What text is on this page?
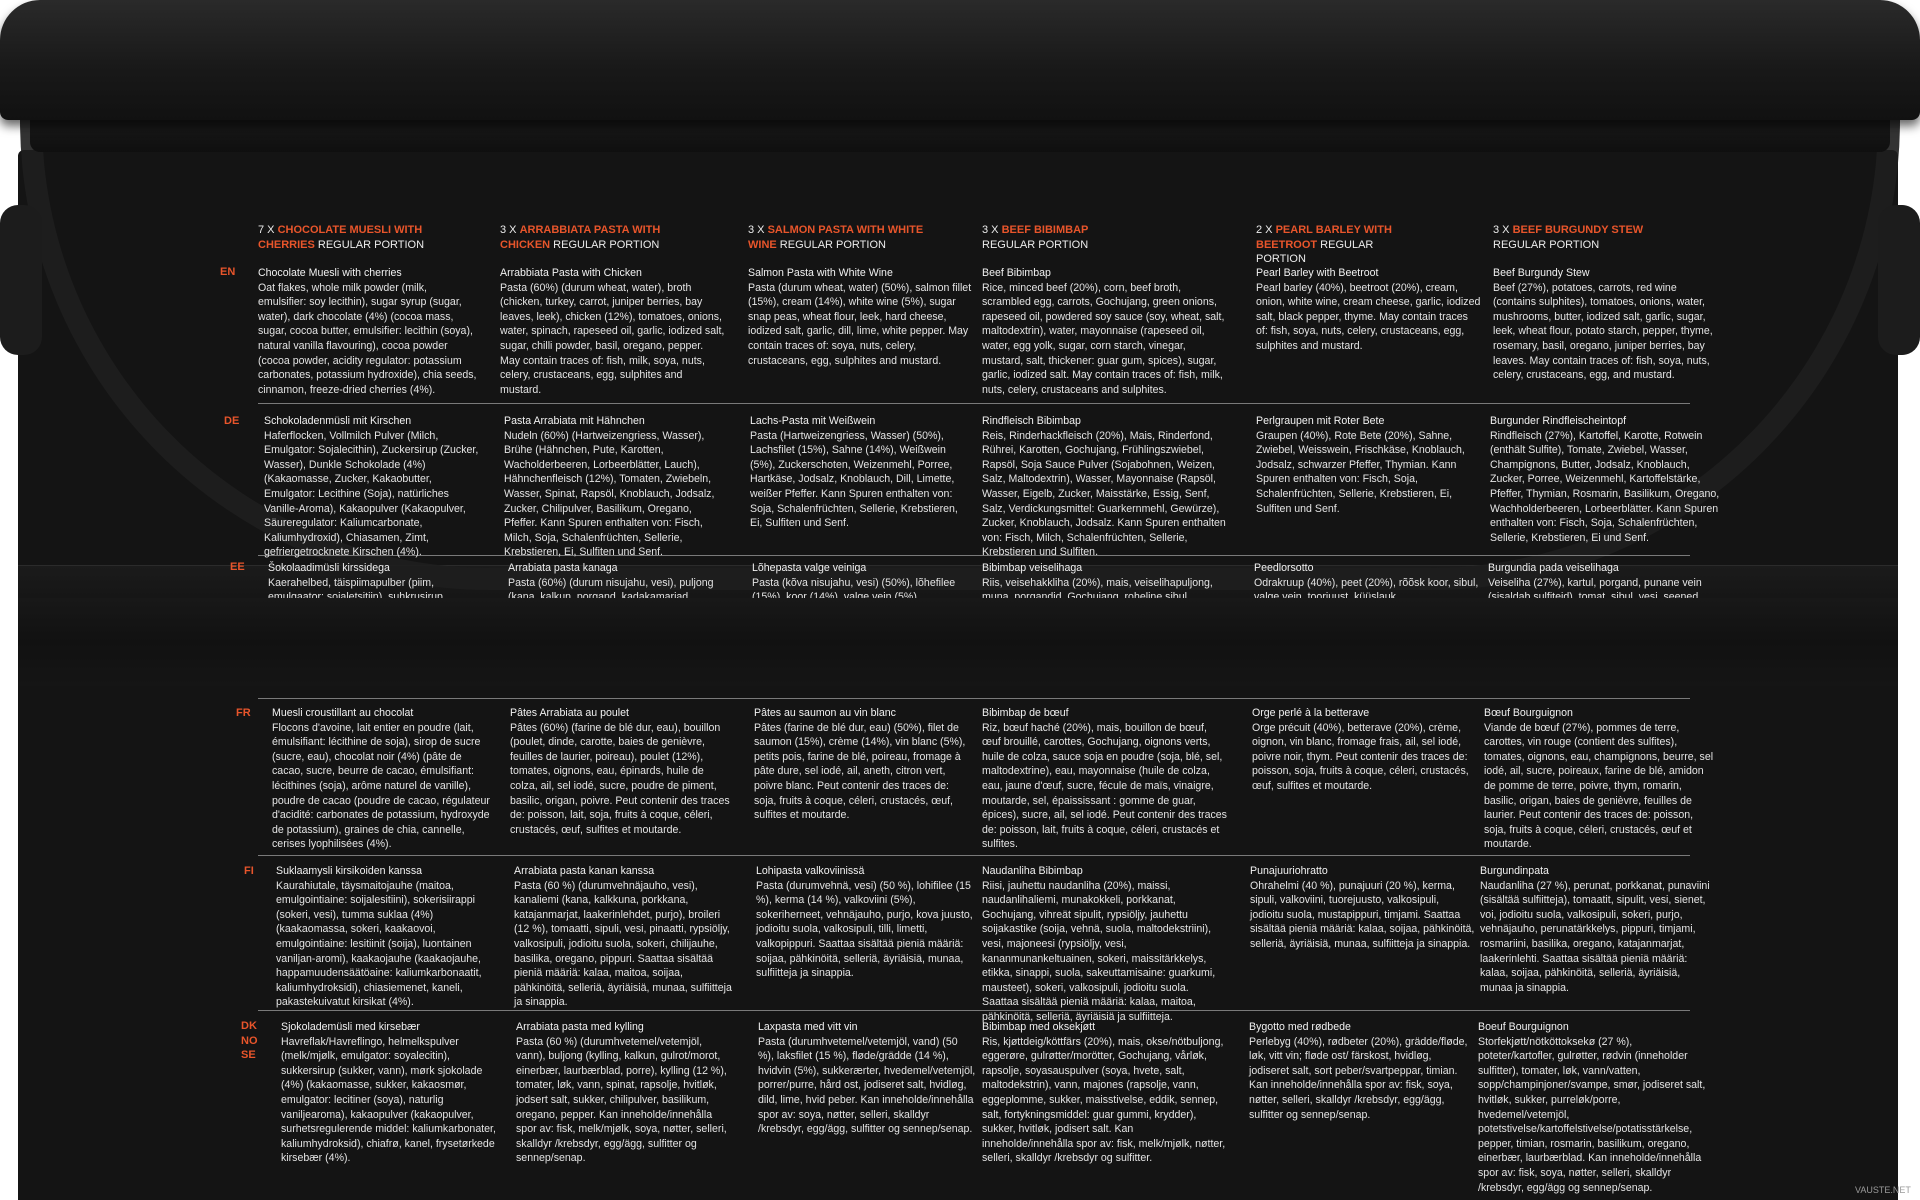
7 X CHOCOLATE MUESLI WITH CHERRIES REGULAR PORTION
3 X ARRABBIATA PASTA WITH CHICKEN REGULAR PORTION
3 X SALMON PASTA WITH WHITE WINE REGULAR PORTION
3 X BEEF BIBIMBAP
REGULAR PORTION
2 X PEARL BARLEY WITH BEETROOT REGULAR PORTION
3 X BEEF BURGUNDY STEW
REGULAR PORTION
EN
DE
EE
FR
FI
DK
NO
SE
Chocolate Muesli with cherries
Oat flakes, whole milk powder (milk, emulsifier: soy lecithin), sugar syrup (sugar, water), dark chocolate (4%) (cocoa mass, sugar, cocoa butter, emulsifier: lecithin (soya), natural vanilla flavouring), cocoa powder (cocoa powder, acidity regulator: potassium carbonates, potassium hydroxide), chia seeds, cinnamon, freeze-dried cherries (4%).
Arrabbiata Pasta with Chicken
Pasta (60%) (durum wheat, water), broth (chicken, turkey, carrot, juniper berries, bay leaves, leek), chicken (12%), tomatoes, onions, water, spinach, rapeseed oil, garlic, iodized salt, sugar, chilli powder, basil, oregano, pepper. May contain traces of: fish, milk, soya, nuts, celery, crustaceans, egg, sulphites and mustard.
Salmon Pasta with White Wine
Pasta (durum wheat, water) (50%), salmon fillet (15%), cream (14%), white wine (5%), sugar snap peas, wheat flour, leek, hard cheese, iodized salt, garlic, dill, lime, white pepper. May contain traces of: soya, nuts, celery, crustaceans, egg, sulphites and mustard.
Beef Bibimbap
Rice, minced beef (20%), corn, beef broth, scrambled egg, carrots, Gochujang, green onions, rapeseed oil, powdered soy sauce (soy, wheat, salt, maltodextrin), water, mayonnaise (rapeseed oil, water, egg yolk, sugar, corn starch, vinegar, mustard, salt, thickener: guar gum, spices), sugar, garlic, iodized salt. May contain traces of: fish, milk, nuts, celery, crustaceans and sulphites.
Pearl Barley with Beetroot
Pearl barley (40%), beetroot (20%), cream, onion, white wine, cream cheese, garlic, iodized salt, black pepper, thyme. May contain traces of: fish, soya, nuts, celery, crustaceans, egg, sulphites and mustard.
Beef Burgundy Stew
Beef (27%), potatoes, carrots, red wine (contains sulphites), tomatoes, onions, water, mushrooms, butter, iodized salt, garlic, sugar, leek, wheat flour, potato starch, pepper, thyme, rosemary, basil, oregano, juniper berries, bay leaves. May contain traces of: fish, soya, nuts, celery, crustaceans, egg, and mustard.
Schokoladenmüsli mit Kirschen
Haferflocken, Vollmilch Pulver (Milch, Emulgator: Sojalecithin), Zuckersirup (Zucker, Wasser), Dunkle Schokolade (4%) (Kakaomasse, Zucker, Kakaobutter, Emulgator: Lecithine (Soja), natürliches Vanille-Aroma), Kakaopulver (Kakaopulver, Säureregulator: Kaliumcarbonate, Kaliumhydroxid), Chiasamen, Zimt, gefriergetrocknete Kirschen (4%).
Pasta Arrabiata mit Hähnchen
Nudeln (60%) (Hartweizengriess, Wasser), Brühe (Hähnchen, Pute, Karotten, Wacholderbeeren, Lorbeerblätter, Lauch), Hähnchenfleisch (12%), Tomaten, Zwiebeln, Wasser, Spinat, Rapsöl, Knoblauch, Jodsalz, Zucker, Chilipulver, Basilikum, Oregano, Pfeffer. Kann Spuren enthalten von: Fisch, Milch, Soja, Schalenfrüchten, Sellerie, Krebstieren, Ei, Sulfiten und Senf.
Lachs-Pasta mit Weißwein
Pasta (Hartweizengriess, Wasser) (50%), Lachsfilet (15%), Sahne (14%), Weißwein (5%), Zuckerschoten, Weizenmehl, Porree, Hartkäse, Jodsalz, Knoblauch, Dill, Limette, weißer Pfeffer. Kann Spuren enthalten von: Soja, Schalenfrüchten, Sellerie, Krebstieren, Ei, Sulfiten und Senf.
Rindfleisch Bibimbap
Reis, Rinderhackfleisch (20%), Mais, Rinderfond, Rührei, Karotten, Gochujang, Frühlingszwiebel, Rapsöl, Soja Sauce Pulver (Sojabohnen, Weizen, Salz, Maltodextrin), Wasser, Mayonnaise (Rapsöl, Wasser, Eigelb, Zucker, Maisstärke, Essig, Senf, Salz, Verdickungsmittel: Guarkernmehl, Gewürze), Zucker, Knoblauch, Jodsalz. Kann Spuren enthalten von: Fisch, Milch, Schalenfrüchten, Sellerie, Krebstieren und Sulfiten.
Perlgraupen mit Roter Bete
Graupen (40%), Rote Bete (20%), Sahne, Zwiebel, Weisswein, Frischkäse, Knoblauch, Jodsalz, schwarzer Pfeffer, Thymian. Kann Spuren enthalten von: Fisch, Soja, Schalenfrüchten, Sellerie, Krebstieren, Ei, Sulfiten und Senf.
Burgunder Rindfleischeintopf
Rindfleisch (27%), Kartoffel, Karotte, Rotwein (enthält Sulfite), Tomate, Zwiebel, Wasser, Champignons, Butter, Jodsalz, Knoblauch, Zucker, Porree, Weizenmehl, Kartoffelstärke, Pfeffer, Thymian, Rosmarin, Basilikum, Oregano, Wachholderbeeren, Lorbeerblätter. Kann Spuren enthalten von: Fisch, Soja, Schalenfrüchten, Sellerie, Krebstieren, Ei und Senf.
Šokolaadimüsli kirssidega
Kaerahelbed, täispiimapulber (piim,
Arrabiata pasta kanaga
Pasta (60%) (durum nisujahu, vesi), puljong
Lõhepasta valge veiniga
Pasta (kõva nisujahu, vesi) (50%), lõhefilee
Bibimbap veiselihaga
Riis, veisehakkliha (20%), mais, veiselihapuljong,
Peedlorsotto
Odrakruup (40%), peet (20%), rõõsk koor, sibul,
Burgundia pada veiselihaga
Veiseliha (27%), kartul, porgand, punane vein
Muesli croustillant au chocolat
Flocons d'avoine, lait entier en poudre (lait, émulsifiant: lécithine de soja), sirop de sucre (sucre, eau), chocolat noir (4%) (pâte de cacao, sucre, beurre de cacao, émulsifiant: lécithines (soja), arôme naturel de vanille), poudre de cacao (poudre de cacao, régulateur d'acidité: carbonates de potassium, hydroxyde de potassium), graines de chia, cannelle, cerises lyophilisées (4%).
Pâtes Arrabiata au poulet
Pâtes (60%) (farine de blé dur, eau), bouillon (poulet, dinde, carotte, baies de genièvre, feuilles de laurier, poireau), poulet (12%), tomates, oignons, eau, épinards, huile de colza, ail, sel iodé, sucre, poudre de piment, basilic, origan, poivre. Peut contenir des traces de: poisson, lait, soja, fruits à coque, céleri, crustacés, œuf, sulfites et moutarde.
Pâtes au saumon au vin blanc
Pâtes (farine de blé dur, eau) (50%), filet de saumon (15%), crème (14%), vin blanc (5%), petits pois, farine de blé, poireau, fromage à pâte dure, sel iodé, ail, aneth, citron vert, poivre blanc. Peut contenir des traces de: soja, fruits à coque, céleri, crustacés, œuf, sulfites et moutarde.
Bibimbap de bœuf
Riz, bœuf haché (20%), mais, bouillon de bœuf, œuf brouillé, carottes, Gochujang, oignons verts, huile de colza, sauce soja en poudre (soja, blé, sel, maltodextrine), eau, mayonnaise (huile de colza, eau, jaune d'œuf, sucre, fécule de maïs, vinaigre, moutarde, sel, épaississant : gomme de guar, épices), sucre, ail, sel iodé. Peut contenir des traces de: poisson, lait, fruits à coque, céleri, crustacés et sulfites.
Orge perlé à la betterave
Orge précuit (40%), betterave (20%), crème, oignon, vin blanc, fromage frais, ail, sel iodé, poivre noir, thym. Peut contenir des traces de: poisson, soja, fruits à coque, céleri, crustacés, œuf, sulfites et moutarde.
Bœuf Bourguignon
Viande de bœuf (27%), pommes de terre, carottes, vin rouge (contient des sulfites), tomates, oignons, eau, champignons, beurre, sel iodé, ail, sucre, poireaux, farine de blé, amidon de pomme de terre, poivre, thym, romarin, basilic, origan, baies de genièvre, feuilles de laurier. Peut contenir des traces de: poisson, soja, fruits à coque, céleri, crustacés, œuf et moutarde.
Suklaamysli kirsikoiden kanssa
Kaurahiutale, täysmaitojauhe (maitoa, emulgointiaine: soijalesitiini), sokerisiirappi (sokeri, vesi), tumma suklaa (4%) (kaakaomassa, sokeri, kaakaovoi, emulgointiaine: lesitiinit (soija), luontainen vaniljan-aromi), kaakaojauhe (kaakaojauhe, happamuudensäätöaine: kaliumkarbonaatit, kaliumhydroksidi), chiasiemenet, kaneli, pakastekuivatut kirsikat (4%).
Arrabiata pasta kanan kanssa
Pasta (60 %) (durumvehnäjauho, vesi), kanaliemi (kana, kalkkuna, porkkana, katajanmarjat, laakerinlehdet, purjo), broileri (12 %), tomaatti, sipuli, vesi, pinaatti, rypsiöljy, valkosipuli, jodioitu suola, sokeri, chilijauhe, basilika, oregano, pippuri. Saattaa sisältää pieniä määriä: kalaa, maitoa, soijaa, pähkinöitä, selleriä, äyriäisiä, munaa, sulfiitteja ja sinappia.
Lohipasta valkoviinissä
Pasta (durumvehnä, vesi) (50 %), lohifilee (15 %), kerma (14 %), valkoviini (5%), sokeriherneet, vehnäjauho, purjo, kova juusto, jodioitu suola, valkosipuli, tilli, limetti, valkopippuri. Saattaa sisältää pieniä määriä: soijaa, pähkinöitä, selleriä, äyriäisiä, munaa, sulfiitteja ja sinappia.
Naudanliha Bibimbap
Riisi, jauhettu naudanliha (20%), maissi, naudanlihaliemi, munakokkeli, porkkanat, Gochujang, vihreät sipulit, rypsiöljy, jauhettu soijakastike (soija, vehnä, suola, maltodekstriini), vesi, majoneesi (rypsiöljy, vesi, kananmunankeltuainen, sokeri, maissitärkkelys, etikka, sinappi, suola, sakeuttamisaine: guarkumi, mausteet), sokeri, valkosipuli, jodioitu suola. Saattaa sisältää pieniä määriä: kalaa, maitoa, pähkinöitä, selleriä, äyriäisiä ja sulfiitteja.
Punajuuriohratto
Ohrahelmi (40 %), punajuuri (20 %), kerma, sipuli, valkoviini, tuorejuusto, valkosipuli, jodioitu suola, mustapippuri, timjami. Saattaa sisältää pieniä määriä: kalaa, soijaa, pähkinöitä, selleriä, äyriäisiä, munaa, sulfiitteja ja sinappia.
Burgundinpata
Naudanliha (27 %), perunat, porkkanat, punaviini (sisältää sulfiitteja), tomaatit, sipulit, vesi, sienet, voi, jodioitu suola, valkosipuli, sokeri, purjo, vehnäjauho, perunatärkkelys, pippuri, timjami, rosmariini, basilika, oregano, katajanmarjat, laakerinlehti. Saattaa sisältää pieniä määriä: kalaa, soijaa, pähkinöitä, selleriä, äyriäisiä, munaa ja sinappia.
Sjokolademüsli med kirsebær
Havreflak/Havreflingo, helmelkspulver (melk/mjølk, emulgator: soyalecitin), sukkersirup (sukker, vann), mørk sjokolade (4%) (kakaomasse, sukker, kakaosmør, emulgator: lecitiner (soya), naturlig vaniljearoma), kakaopulver (kakaopulver, surhetsregulerende middel: kaliumkarbonater, kaliumhydroksid), chiafrø, kanel, frysetørkede kirsebær (4%).
Arrabiata pasta med kylling
Pasta (60 %) (durumhvetemel/vetemjöl, vann), buljong (kylling, kalkun, gulrot/morot, einerbær, laurbærblad, porre), kylling (12 %), tomater, løk, vann, spinat, rapsolje, hvitløk, jodsert salt, sukker, chilipulver, basilikum, oregano, pepper. Kan inneholde/innehålla spor av: fisk, melk/mjølk, soya, nøtter, selleri, skalldyr /krebsdyr, egg/ägg, sulfitter og sennep/senap.
Laxpasta med vitt vin
Pasta (durumhvetemel/vetemjöl, vand) (50 %), laksfilet (15 %), fløde/grädde (14 %), hvidvin (5%), sukkerærter, hvedemel/vetemjöl, porrer/purre, hård ost, jodiseret salt, hvidløg, dild, lime, hvid peber. Kan inneholde/innehålla spor av: soya, nøtter, selleri, skalldyr /krebsdyr, egg/ägg, sulfitter og sennep/senap.
Bibimbap med oksekjøtt
Ris, kjøttdeig/köttfärs (20%), mais, okse/nötbuljong, eggerøre, gulrøtter/morötter, Gochujang, vårløk, rapsolje, soyasauspulver (soya, hvete, salt, maltodekstrin), vann, majones (rapsolje, vann, eggeplomme, sukker, maisstivelse, eddik, sennep, salt, fortykningsmiddel: guar gummi, krydder), sukker, hvitløk, jodisert salt. Kan inneholde/innehålla spor av: fisk, melk/mjølk, nøtter, selleri, skalldyr /krebsdyr og sulfitter.
Bygotto med rødbede
Perlebyg (40%), rødbeter (20%), grädde/fløde, løk, vitt vin; fløde ost/ färskost, hvidløg, jodiseret salt, sort peber/svartpeppar, timian. Kan inneholde/innehålla spor av: fisk, soya, nøtter, selleri, skalldyr /krebsdyr, egg/ägg, sulfitter og sennep/senap.
Boeuf Bourguignon
Storfekjøtt/nötköttoksekø (27 %), poteter/kartofler, gulrøtter, rødvin (inneholder sulfitter), tomater, løk, vann/vatten, sopp/champinjoner/svampe, smør, jodiseret salt, hvitløk, sukker, purreløk/porre, hvedemel/vetemjöl, potetstivelse/kartoffelstivelse/potatisstärkelse, pepper, timian, rosmarin, basilikum, oregano, einerbær, laurbærblad. Kan inneholde/innehålla spor av: fisk, soya, nøtter, selleri, skalldyr /krebsdyr, egg/ägg og sennep/senap.	VAUSTE.NET
